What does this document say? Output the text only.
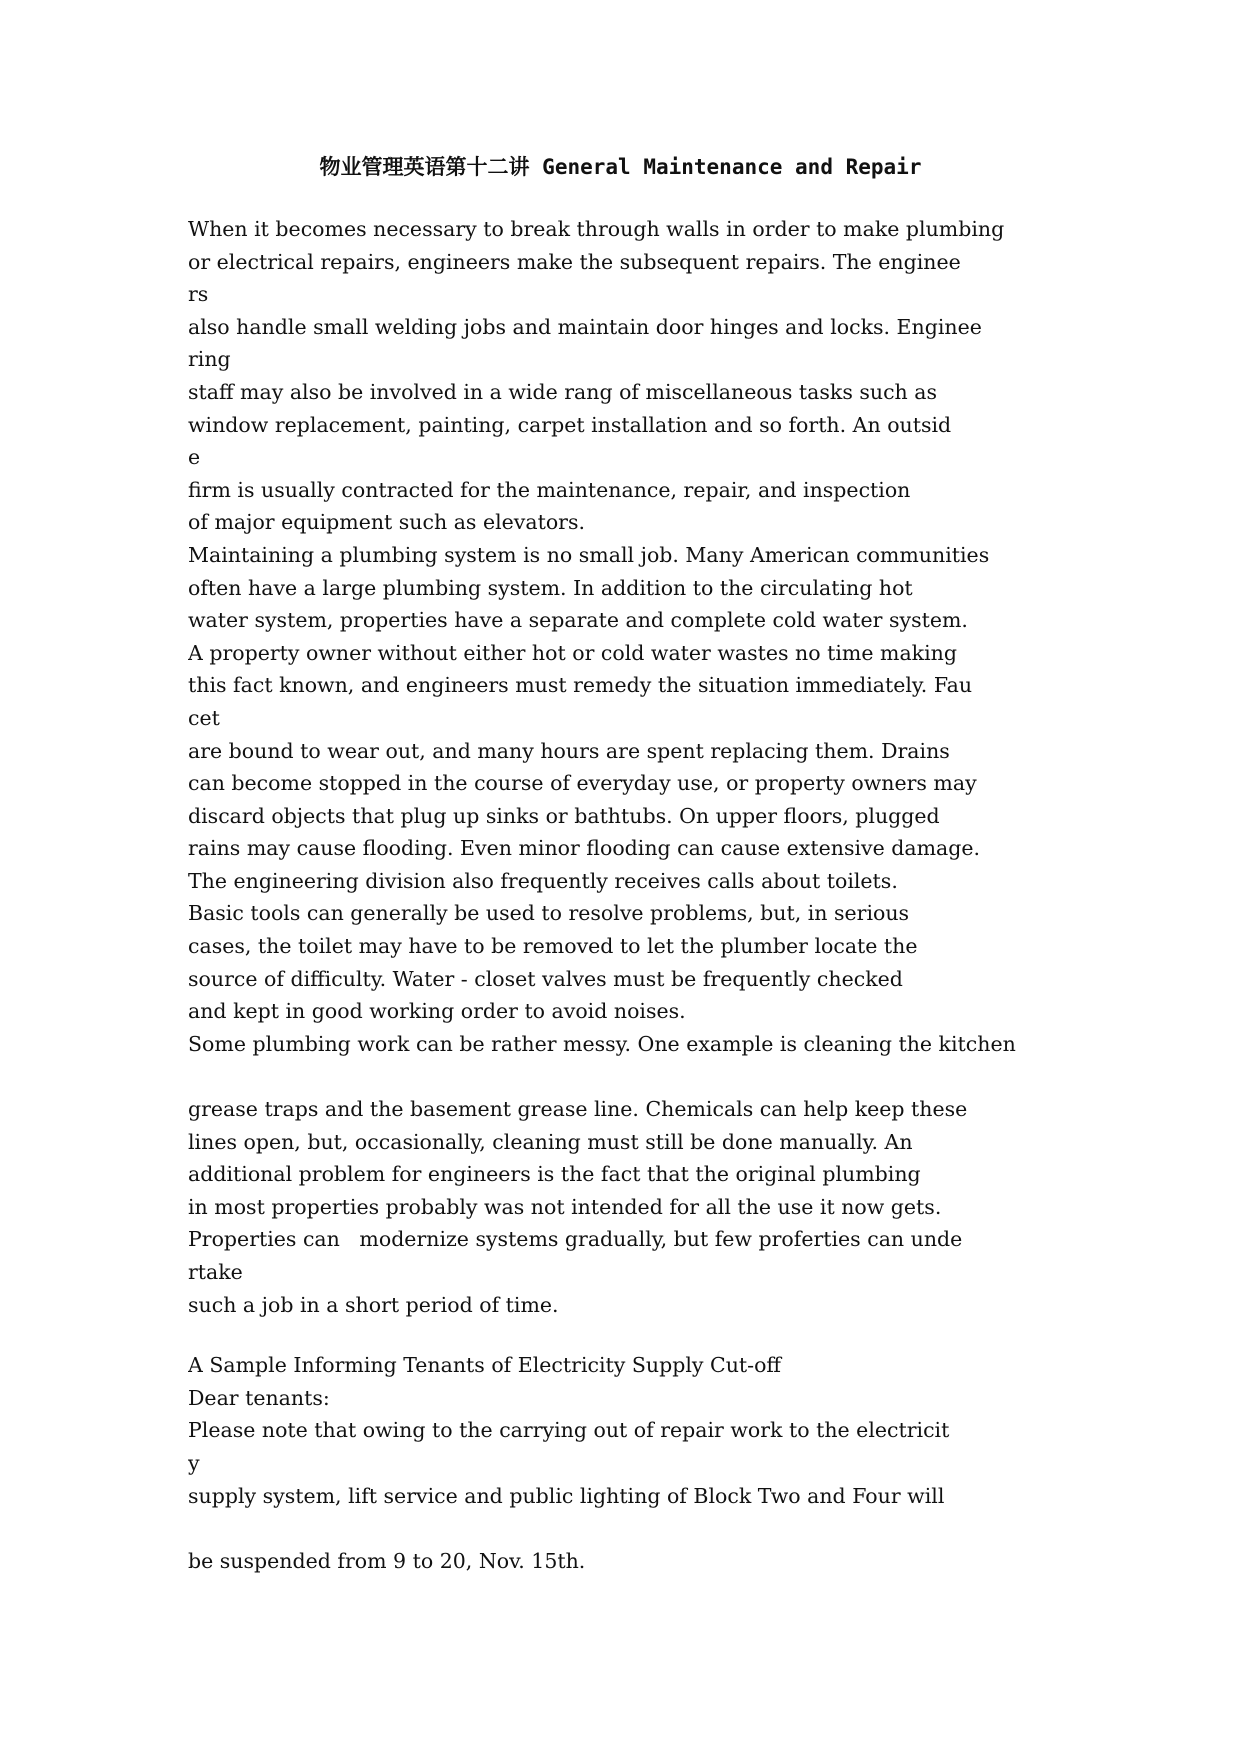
物业管理英语第十二讲 General Maintenance and Repair
When it becomes necessary to break through walls in order to make plumbing
or electrical repairs, engineers make the subsequent repairs. The enginee
rs
also handle small welding jobs and maintain door hinges and locks. Enginee
ring
staff may also be involved in a wide rang of miscellaneous tasks such as
window replacement, painting, carpet installation and so forth. An outsid
e
firm is usually contracted for the maintenance, repair, and inspection
of major equipment such as elevators.
Maintaining a plumbing system is no small job. Many American communities
often have a large plumbing system. In addition to the circulating hot
water system, properties have a separate and complete cold water system.
A property owner without either hot or cold water wastes no time making
this fact known, and engineers must remedy the situation immediately. Fau
cet
are bound to wear out, and many hours are spent replacing them. Drains
can become stopped in the course of everyday use, or property owners may
discard objects that plug up sinks or bathtubs. On upper floors, plugged
rains may cause flooding. Even minor flooding can cause extensive damage.
The engineering division also frequently receives calls about toilets.
Basic tools can generally be used to resolve problems, but, in serious
cases, the toilet may have to be removed to let the plumber locate the
source of difficulty. Water - closet valves must be frequently checked
and kept in good working order to avoid noises.
Some plumbing work can be rather messy. One example is cleaning the kitchen
grease traps and the basement grease line. Chemicals can help keep these
lines open, but, occasionally, cleaning must still be done manually. An
additional problem for engineers is the fact that the original plumbing
in most properties probably was not intended for all the use it now gets.
Properties can   modernize systems gradually, but few proferties can unde
rtake
such a job in a short period of time.
A Sample Informing Tenants of Electricity Supply Cut-off
Dear tenants:
Please note that owing to the carrying out of repair work to the electricit
y
supply system, lift service and public lighting of Block Two and Four will
be suspended from 9 to 20, Nov. 15th.
